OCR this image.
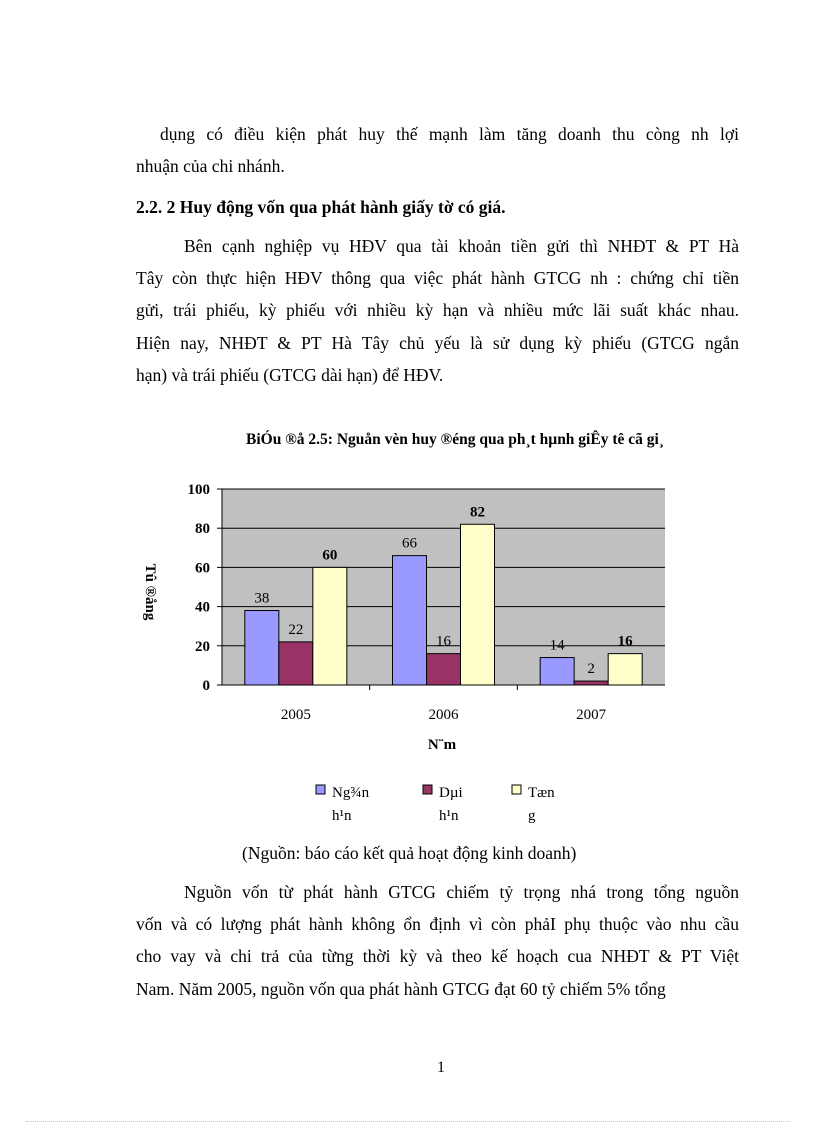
dụng có điều kiện phát huy thế mạnh làm tăng doanh thu còng nh lợi
nhuận của chi nhánh.
2.2. 2 Huy động vốn qua phát hành giấy tờ có giá.
Bên cạnh nghiệp vụ HĐV qua tài khoản tiền gửi thì NHĐT & PT Hà
Tây còn thực hiện HĐV thông qua việc phát hành GTCG nh : chứng chỉ tiền
gửi, trái phiếu, kỳ phiếu với nhiều kỳ hạn và nhiều mức lãi suất khác nhau.
Hiện nay, NHĐT & PT Hà Tây chủ yếu là sử dụng kỳ phiếu (GTCG ngắn
hạn) và trái phiếu (GTCG dài hạn) để HĐV.
BiÓu ®å 2.5: Nguån vèn huy ®éng qua ph¸t hµnh giÊy tê cã gi¸
38
22
60
66
16
82
14
2
16
0
20
40
60
80
100
2005	2006	2007
Tû ®ång
N¨m
Ng¾n
h¹n
Dµi
h¹n
Tæn
g
(Nguồn: báo cáo kết quả hoạt động kinh doanh)
Nguồn vốn từ phát hành GTCG chiếm tỷ trọng nhá trong tổng nguồn
vốn và có lượng phát hành không ổn định vì còn phảI phụ thuộc vào nhu cầu
cho vay và chi trả của từng thời kỳ và theo kế hoạch cua NHĐT & PT Việt
Nam. Năm 2005, nguồn vốn qua phát hành GTCG đạt 60 tỷ chiếm 5% tổng
1
